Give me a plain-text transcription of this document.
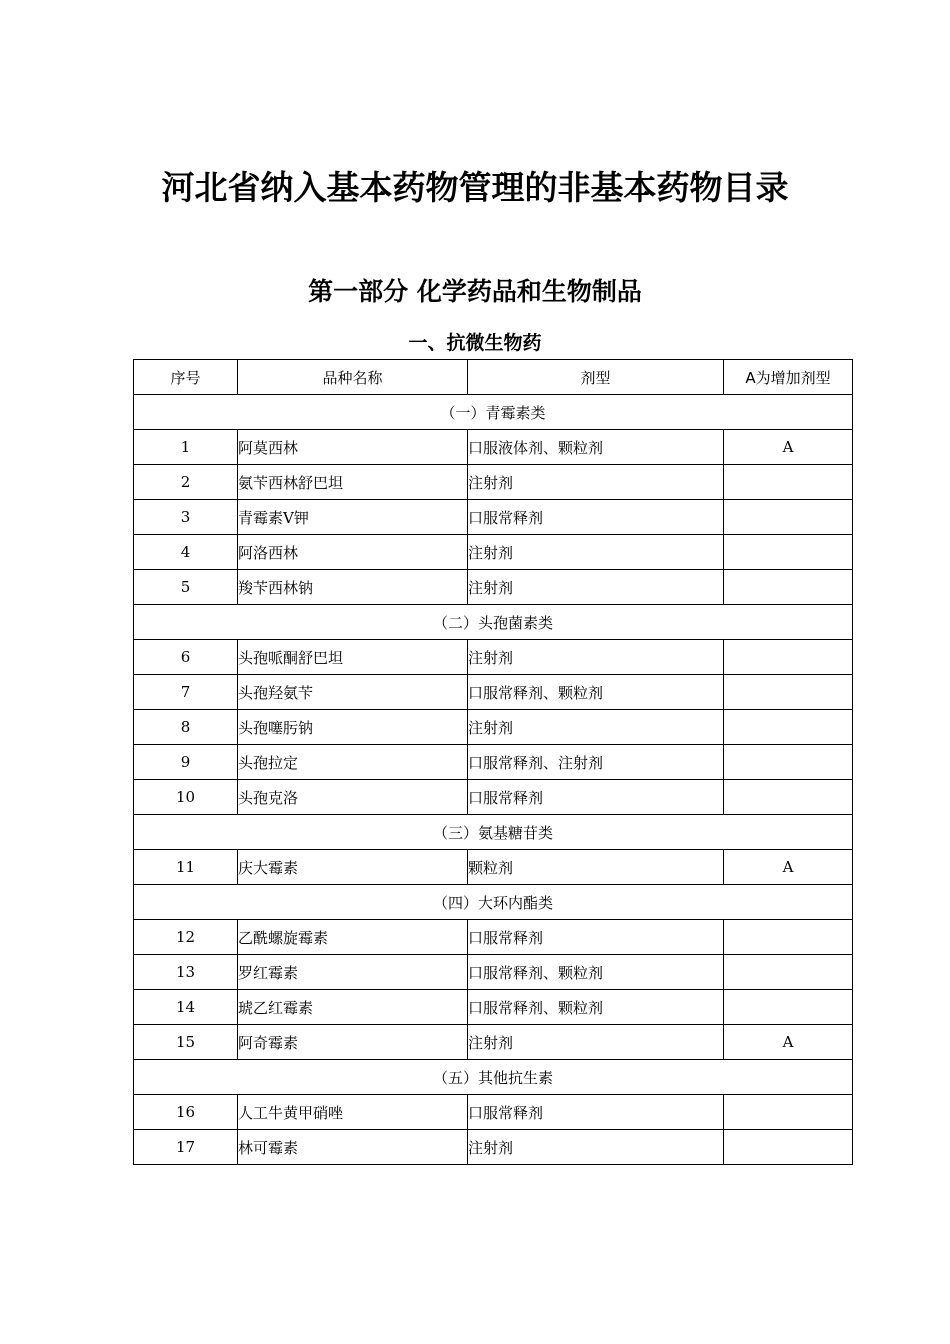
河北省纳入基本药物管理的非基本药物目录
第一部分 化学药品和生物制品
一、抗微生物药
序号	品种名称	剂型	A为增加剂型
（一）青霉素类			
1	阿莫西林	口服液体剂、颗粒剂	A
2	氨苄西林舒巴坦	注射剂	
3	青霉素V钾	口服常释剂	
4	阿洛西林	注射剂	
5	羧苄西林钠	注射剂	
（二）头孢菌素类			
6	头孢哌酮舒巴坦	注射剂	
7	头孢羟氨苄	口服常释剂、颗粒剂	
8	头孢噻肟钠	注射剂	
9	头孢拉定	口服常释剂、注射剂	
10	头孢克洛	口服常释剂	
（三）氨基糖苷类			
11	庆大霉素	颗粒剂	A
（四）大环内酯类			
12	乙酰螺旋霉素	口服常释剂	
13	罗红霉素	口服常释剂、颗粒剂	
14	琥乙红霉素	口服常释剂、颗粒剂	
15	阿奇霉素	注射剂	A
（五）其他抗生素			
16	人工牛黄甲硝唑	口服常释剂	
17	林可霉素	注射剂	
